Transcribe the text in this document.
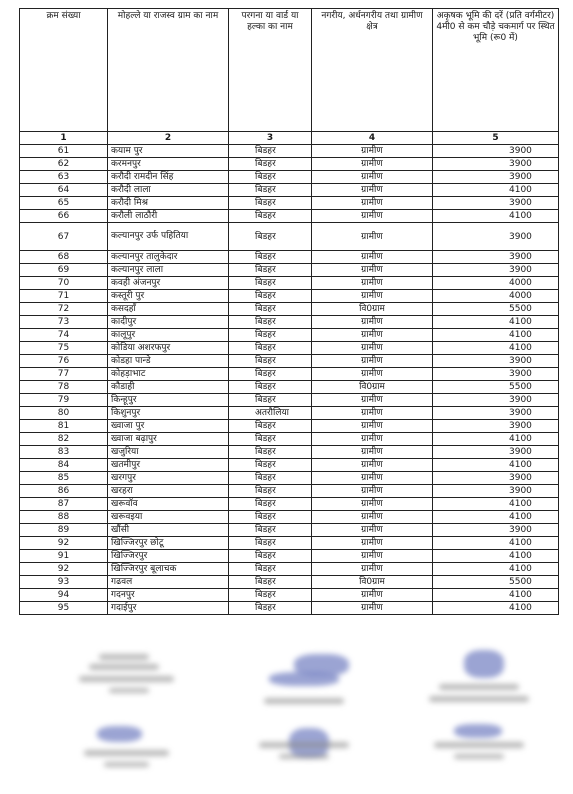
क्रम संख्या	मोहल्ले या राजस्व ग्राम का नाम	परगना या वार्ड या हल्का का नाम	नगरीय, अर्धनगरीय तथा ग्रामीण क्षेत्र	अकृषक भूमि की दरें (प्रति वर्गमीटर) 4मी0 से कम चौड़े चकमार्ग पर स्थित भूमि (रू0 में)
1	2	3	4	5
61	कयाम पुर	बिडहर	ग्रामीण	3900
62	करमनपुर	बिडहर	ग्रामीण	3900
63	करौदी रामदीन सिंह	बिडहर	ग्रामीण	3900
64	करौदी लाला	बिडहर	ग्रामीण	4100
65	करौदी मिश्र	बिडहर	ग्रामीण	3900
66	करौली लाठौरी	बिडहर	ग्रामीण	4100
67	कल्यानपुर उर्फ पहितिया	बिडहर	ग्रामीण	3900
68	कल्यानपुर तालुकेदार	बिडहर	ग्रामीण	3900
69	कल्यानपुर लाला	बिडहर	ग्रामीण	3900
70	कवही अंजनपुर	बिडहर	ग्रामीण	4000
71	कस्तूरी पुर	बिडहर	ग्रामीण	4000
72	कसदहाँ	बिडहर	वि0ग्राम	5500
73	कादीपुर	बिडहर	ग्रामीण	4100
74	कालूपुर	बिडहर	ग्रामीण	4100
75	कोडिया अशरफपुर	बिडहर	ग्रामीण	4100
76	कोडहा पान्डे	बिडहर	ग्रामीण	3900
77	कोहड़ाभाट	बिडहर	ग्रामीण	3900
78	कौडाही	बिडहर	वि0ग्राम	5500
79	किन्हूपुर	बिडहर	ग्रामीण	3900
80	किशुनपुर	अतरौलिया	ग्रामीण	3900
81	ख्वाजा पुर	बिडहर	ग्रामीण	3900
82	ख्वाजा बढ़ापुर	बिडहर	ग्रामीण	4100
83	खजुरिया	बिडहर	ग्रामीण	3900
84	खतमीपुर	बिडहर	ग्रामीण	4100
85	खरगपुर	बिडहर	ग्रामीण	3900
86	खरहरा	बिडहर	ग्रामीण	3900
87	खरूवॉव	बिडहर	ग्रामीण	4100
88	खरूवइया	बिडहर	ग्रामीण	4100
89	खौंसी	बिडहर	ग्रामीण	3900
92	खिज्जिरपुर छोटू	बिडहर	ग्रामीण	4100
91	खिज्जिरपुर	बिडहर	ग्रामीण	4100
92	खिज्जिरपुर बूलाचक	बिडहर	ग्रामीण	4100
93	गढवल	बिडहर	वि0ग्राम	5500
94	गदनपुर	बिडहर	ग्रामीण	4100
95	गदाईपुर	बिडहर	ग्रामीण	4100
